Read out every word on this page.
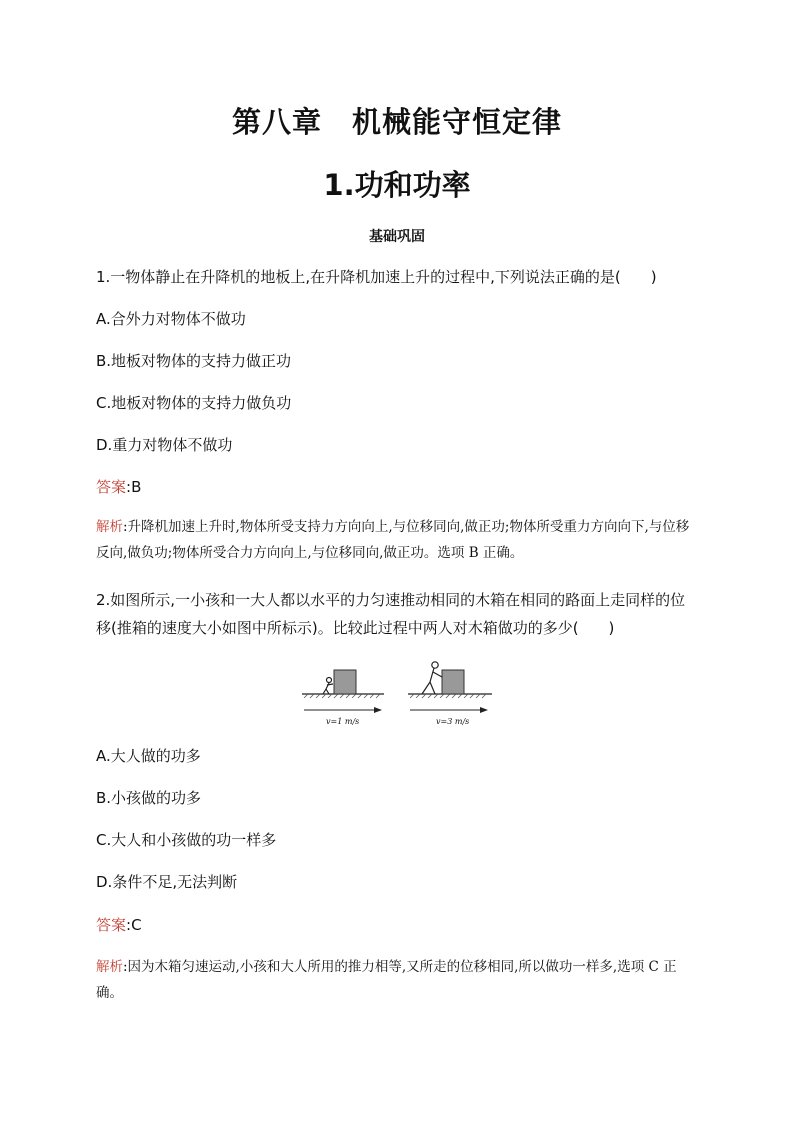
第八章　机械能守恒定律
1.功和功率
基础巩固
1.一物体静止在升降机的地板上,在升降机加速上升的过程中,下列说法正确的是(　　)
A.合外力对物体不做功
B.地板对物体的支持力做正功
C.地板对物体的支持力做负功
D.重力对物体不做功
答案:B
解析:升降机加速上升时,物体所受支持力方向向上,与位移同向,做正功;物体所受重力方向向下,与位移反向,做负功;物体所受合力方向向上,与位移同向,做正功。选项 B 正确。
2.如图所示,一小孩和一大人都以水平的力匀速推动相同的木箱在相同的路面上走同样的位移(推箱的速度大小如图中所标示)。比较此过程中两人对木箱做功的多少(　　)
v=1 m/s	v=3 m/s
A.大人做的功多
B.小孩做的功多
C.大人和小孩做的功一样多
D.条件不足,无法判断
答案:C
解析:因为木箱匀速运动,小孩和大人所用的推力相等,又所走的位移相同,所以做功一样多,选项 C 正确。
